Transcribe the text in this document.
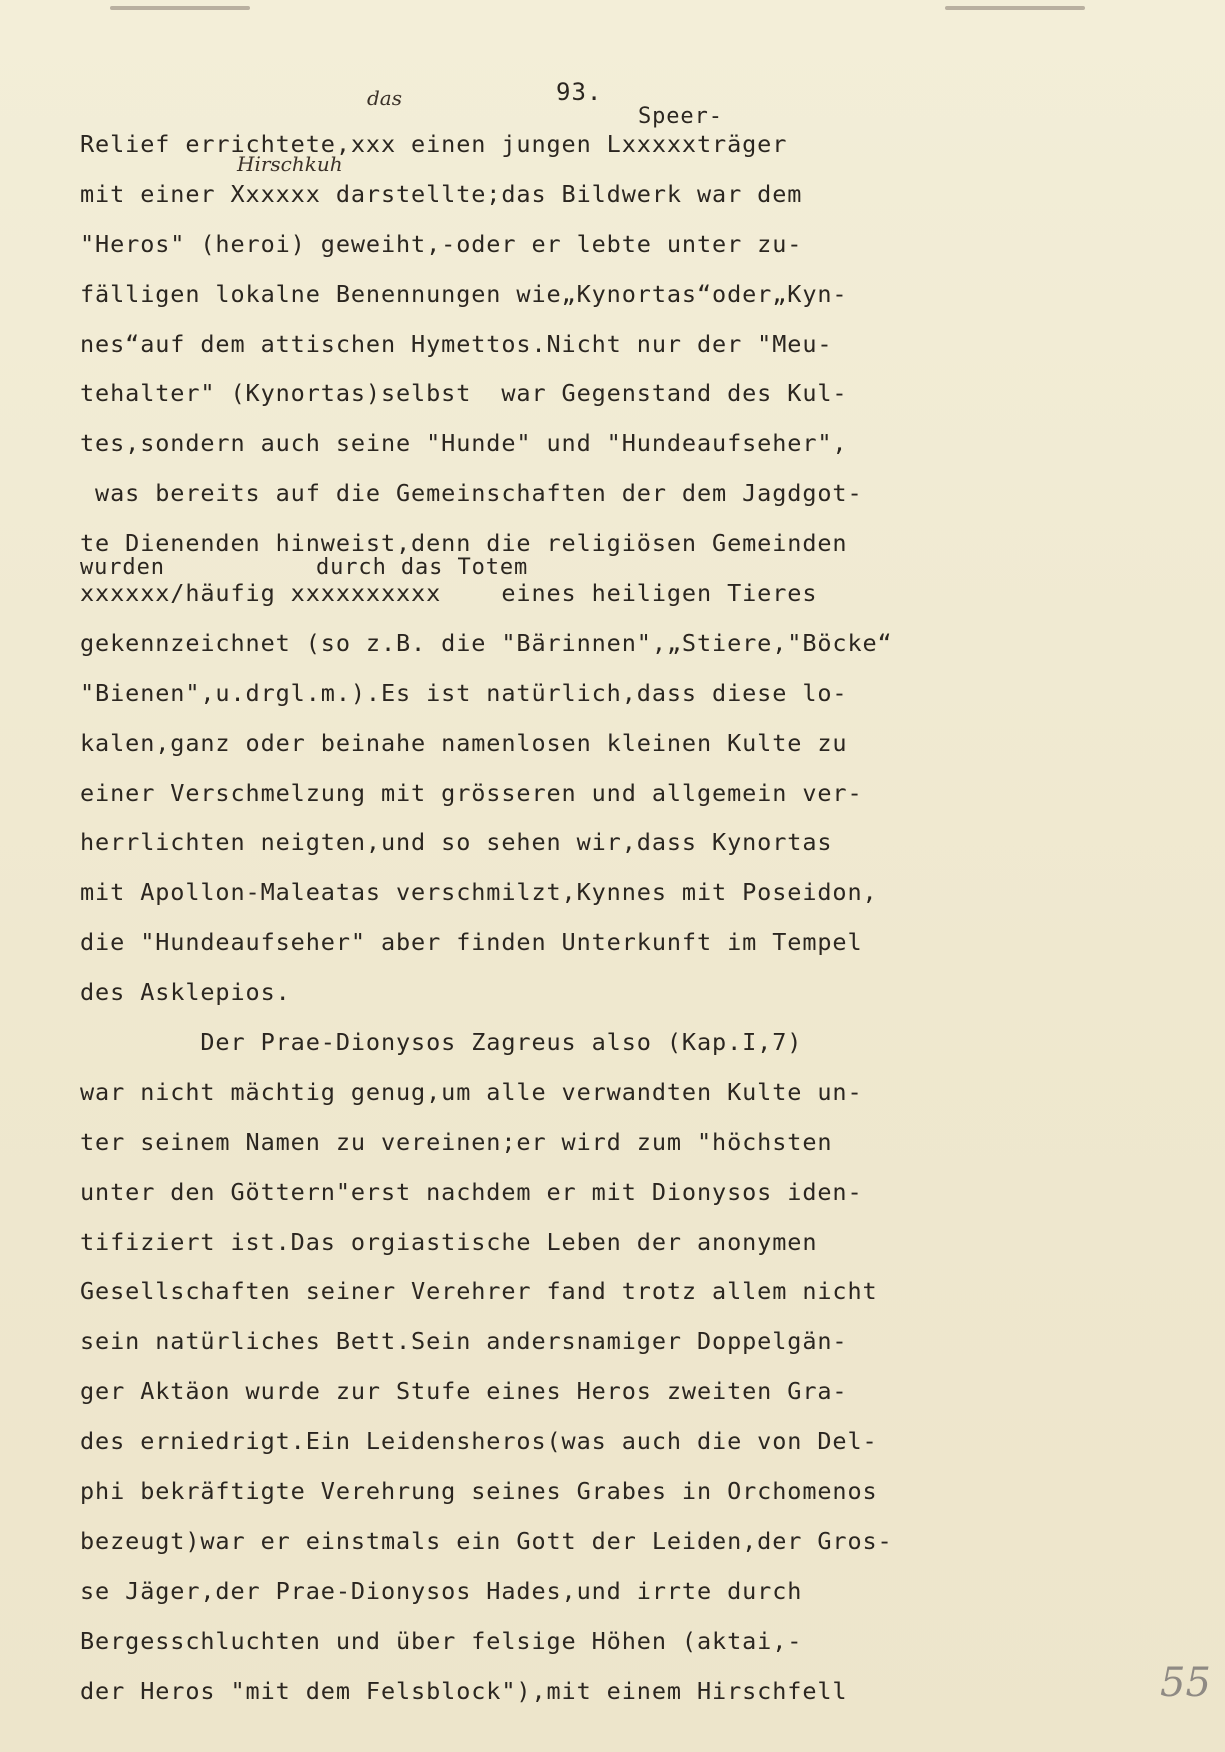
93.
das
Speer-
Hirschkuh
wurden	durch das Totem
Relief errichtete,xxx einen jungen Lxxxxxträger
mit einer Xxxxxx darstellte;das Bildwerk war dem
"Heros" (heroi) geweiht,-oder er lebte unter zu-
fälligen lokalne Benennungen wie„Kynortas“oder„Kyn-
nes“auf dem attischen Hymettos.Nicht nur der "Meu-
tehalter" (Kynortas)selbst  war Gegenstand des Kul-
tes,sondern auch seine "Hunde" und "Hundeaufseher",
was bereits auf die Gemeinschaften der dem Jagdgot-
te Dienenden hinweist,denn die religiösen Gemeinden
xxxxxx/häufig xxxxxxxxxx    eines heiligen Tieres
gekennzeichnet (so z.B. die "Bärinnen",„Stiere,"Böcke“
"Bienen",u.drgl.m.).Es ist natürlich,dass diese lo-
kalen,ganz oder beinahe namenlosen kleinen Kulte zu
einer Verschmelzung mit grösseren und allgemein ver-
herrlichten neigten,und so sehen wir,dass Kynortas
mit Apollon-Maleatas verschmilzt,Kynnes mit Poseidon,
die "Hundeaufseher" aber finden Unterkunft im Tempel
des Asklepios.
Der Prae-Dionysos Zagreus also (Kap.I,7)
war nicht mächtig genug,um alle verwandten Kulte un-
ter seinem Namen zu vereinen;er wird zum "höchsten
unter den Göttern"erst nachdem er mit Dionysos iden-
tifiziert ist.Das orgiastische Leben der anonymen
Gesellschaften seiner Verehrer fand trotz allem nicht
sein natürliches Bett.Sein andersnamiger Doppelgän-
ger Aktäon wurde zur Stufe eines Heros zweiten Gra-
des erniedrigt.Ein Leidensheros(was auch die von Del-
phi bekräftigte Verehrung seines Grabes in Orchomenos
bezeugt)war er einstmals ein Gott der Leiden,der Gros-
se Jäger,der Prae-Dionysos Hades,und irrte durch
Bergesschluchten und über felsige Höhen (aktai,-
der Heros "mit dem Felsblock"),mit einem Hirschfell	55
